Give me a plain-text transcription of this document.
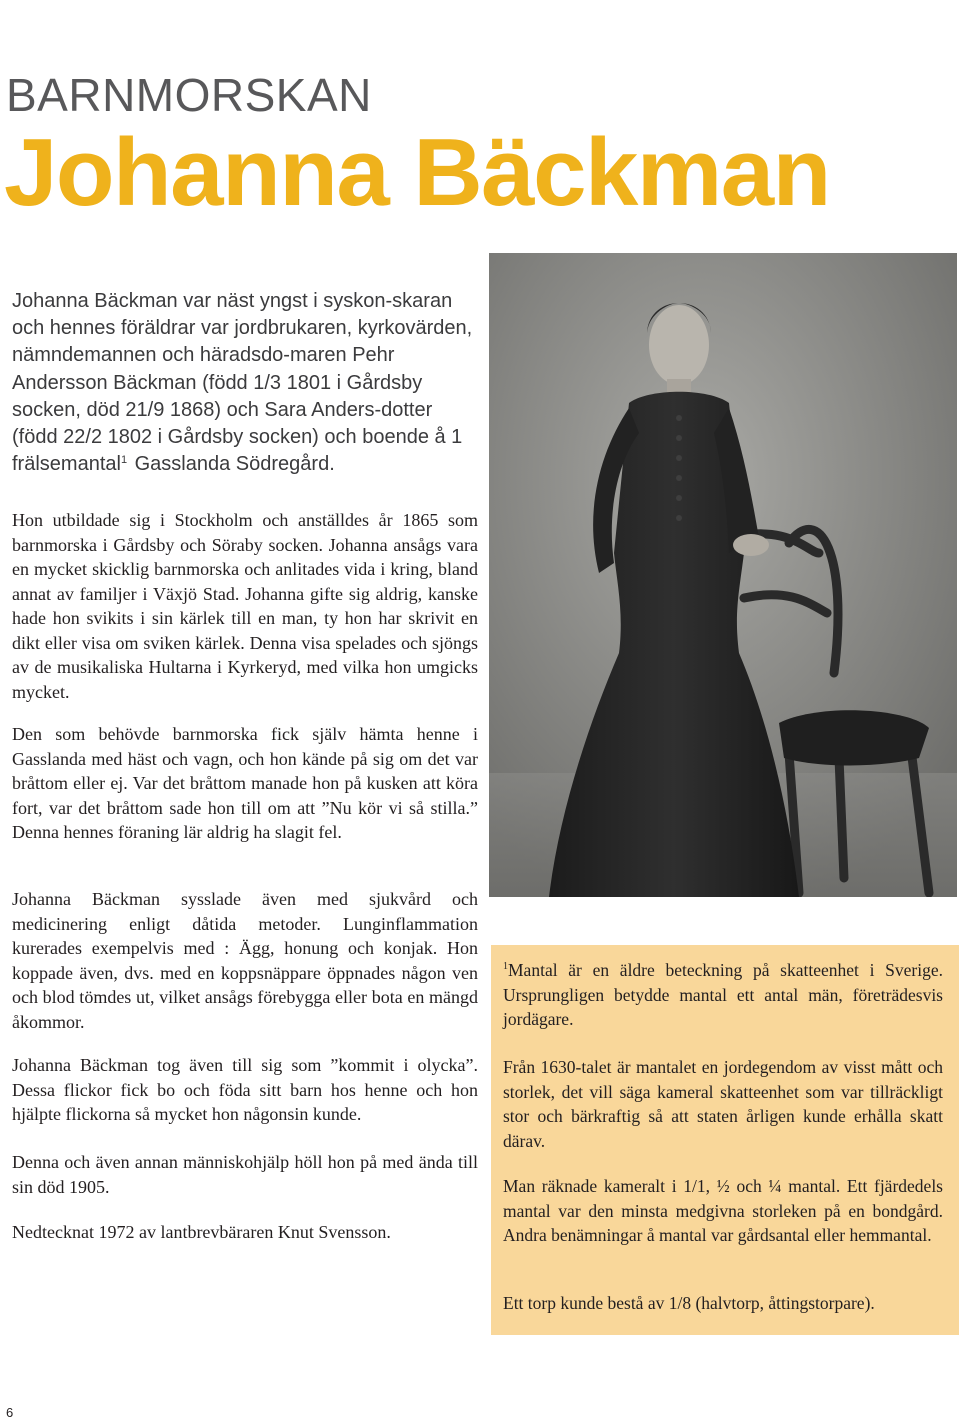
BARNMORSKAN
Johanna Bäckman

Johanna Bäckman var näst yngst i syskon-skaran och hennes föräldrar var jordbrukaren, kyrkovärden, nämndemannen och häradsdo-maren Pehr Andersson Bäckman (född 1/3 1801 i Gårdsby socken, död 21/9 1868) och Sara Anders-dotter (född 22/2 1802 i Gårdsby socken) och boende å 1 frälsemantal$^1$ Gasslanda Södregård.

Hon utbildade sig i Stockholm och anställdes år 1865 som barnmorska i Gårdsby och Söraby socken. Johanna ansågs vara en mycket skicklig barnmorska och anlitades vida i kring, bland annat av familjer i Växjö Stad. Johanna gifte sig aldrig, kanske hade hon svikits i sin kärlek till en man, ty hon har skrivit en dikt eller visa om sviken kärlek. Denna visa spelades och sjöngs av de musikaliska Hultarna i Kyrkeryd, med vilka hon umgicks mycket.

Den som behövde barnmorska fick själv hämta henne i Gasslanda med häst och vagn, och hon kände på sig om det var bråttom eller ej. Var det bråttom manade hon på kusken att köra fort, var det bråttom sade hon till om att ”Nu kör vi så stilla.” Denna hennes föraning lär aldrig ha slagit fel.

Johanna Bäckman sysslade även med sjukvård och medicinering enligt dåtida metoder. Lunginflammation kurerades exempelvis med : Ägg, honung och konjak. Hon koppade även, dvs. med en koppsnäppare öppnades någon ven och blod tömdes ut, vilket ansågs förebygga eller bota en mängd åkommor.

Johanna Bäckman tog även till sig som ”kommit i olycka”. Dessa flickor fick bo och föda sitt barn hos henne och hon hjälpte flickorna så mycket hon någonsin kunde.

Denna och även annan människohjälp höll hon på med ända till sin död 1905.

Nedtecknat 1972 av lantbrevbäraren Knut Svensson.

$^1$Mantal är en äldre beteckning på skatteenhet i Sverige. Ursprungligen betydde mantal ett antal män, företrädesvis jordägare.

Från 1630-talet är mantalet en jordegendom av visst mått och storlek, det vill säga kameral skatteenhet som var tillräckligt stor och bärkraftig så att staten årligen kunde erhålla skatt därav.

Man räknade kameralt i 1/1, ½ och ¼ mantal. Ett fjärdedels mantal var den minsta medgivna storleken på en bondgård. Andra benämningar å mantal var gårdsantal eller hemmantal.

Ett torp kunde bestå av 1/8 (halvtorp, åttingstorpare).

6
